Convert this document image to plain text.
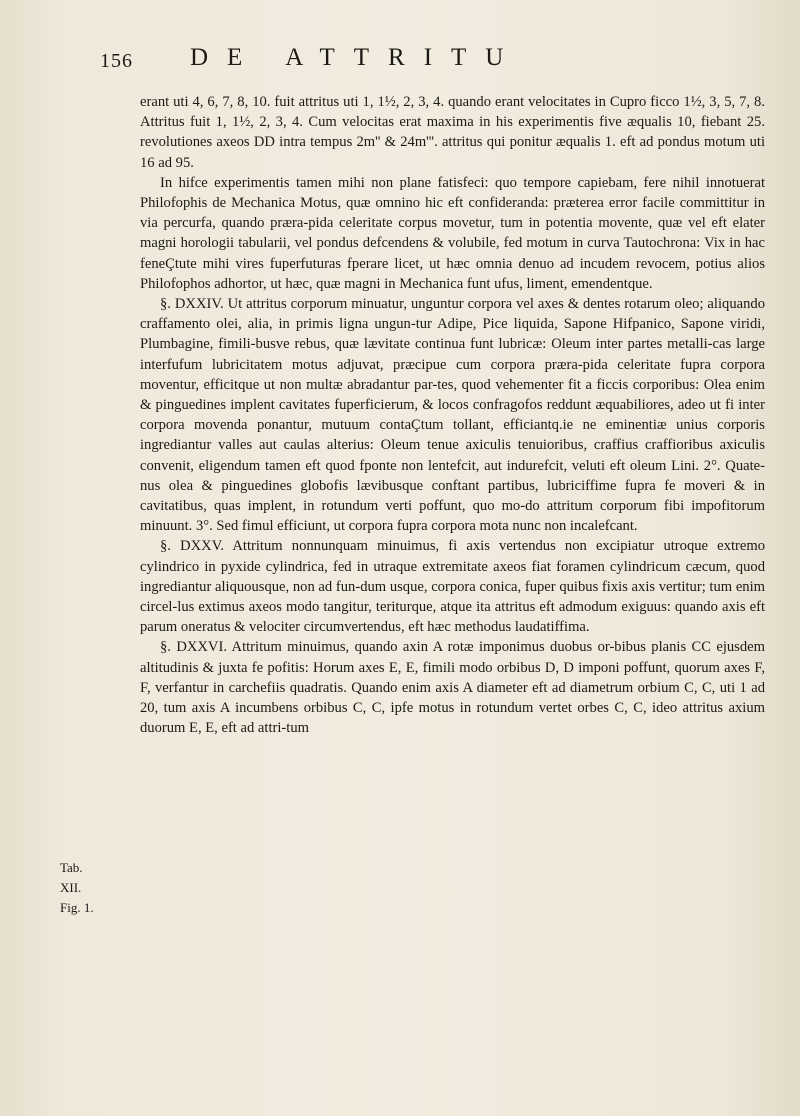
156 DE ATTRITU

erant uti 4, 6, 7, 8, 10. fuit attritus uti 1, 1½, 2, 3, 4. quando erant velocitates in Cupro ficco 1½, 3, 5, 7, 8. Attritus fuit 1, 1½, 2, 3, 4. Cum velocitas erat maxima in his experimentis five æqualis 10, fiebant 25. revolutiones axeos DD intra tempus 2m'' & 24m'''. attritus qui ponitur æqualis 1. eft ad pondus motum uti 16 ad 95.

In hifce experimentis tamen mihi non plane fatisfeci: quo tempore capiebam, fere nihil innotuerat Philofophis de Mechanica Motus, quæ omnino hic eft confideranda: præterea error facile committitur in via percurfa, quando præra-pida celeritate corpus movetur, tum in potentia movente, quæ vel eft elater magni horologii tabularii, vel pondus defcendens & volubile, fed motum in curva Tautochrona: Vix in hac feneÇtute mihi vires fuperfuturas fperare licet, ut hæc omnia denuo ad incudem revocem, potius alios Philofophos adhortor, ut hæc, quæ magni in Mechanica funt ufus, liment, emendentque.

§. DXXIV. Ut attritus corporum minuatur, unguntur corpora vel axes & dentes rotarum oleo; aliquando craffamento olei, alia, in primis ligna ungun-tur Adipe, Pice liquida, Sapone Hifpanico, Sapone viridi, Plumbagine, fimili-busve rebus, quæ lævitate continua funt lubricæ: Oleum inter partes metalli-cas large interfufum lubricitatem motus adjuvat, præcipue cum corpora præra-pida celeritate fupra corpora moventur, efficitque ut non multæ abradantur par-tes, quod vehementer fit a ficcis corporibus: Olea enim & pinguedines implent cavitates fuperficierum, & locos confragofos reddunt æquabiliores, adeo ut fi inter corpora movenda ponantur, mutuum contaÇtum tollant, efficiantq.ie ne eminentiæ unius corporis ingrediantur valles aut caulas alterius: Oleum tenue axiculis tenuioribus, craffius craffioribus axiculis convenit, eligendum tamen eft quod fponte non lentefcit, aut indurefcit, veluti eft oleum Lini. 2°. Quate-nus olea & pinguedines globofis lævibusque conftant partibus, lubriciffime fupra fe moveri & in cavitatibus, quas implent, in rotundum verti poffunt, quo mo-do attritum corporum fibi impofitorum minuunt. 3°. Sed fimul efficiunt, ut corpora fupra corpora mota nunc non incalefcant.

§. DXXV. Attritum nonnunquam minuimus, fi axis vertendus non excipiatur utroque extremo cylindrico in pyxide cylindrica, fed in utraque extremitate axeos fiat foramen cylindricum cæcum, quod ingrediantur aliquousque, non ad fun-dum usque, corpora conica, fuper quibus fixis axis vertitur; tum enim circel-lus extimus axeos modo tangitur, teriturque, atque ita attritus eft admodum exiguus: quando axis eft parum oneratus & velociter circumvertendus, eft hæc methodus laudatiffima.

§. DXXVI. Attritum minuimus, quando axin A rotæ imponimus duobus or-bibus planis CC ejusdem altitudinis & juxta fe pofitis: Horum axes E, E, fimili modo orbibus D, D imponi poffunt, quorum axes F, F, verfantur in carchefiis quadratis. Quando enim axis A diameter eft ad diametrum orbium C, C, uti 1 ad 20, tum axis A incumbens orbibus C, C, ipfe motus in rotundum vertet orbes C, C, ideo attritus axium duorum E, E, eft ad attri-tum

Tab.
XII.
Fig. 1.
